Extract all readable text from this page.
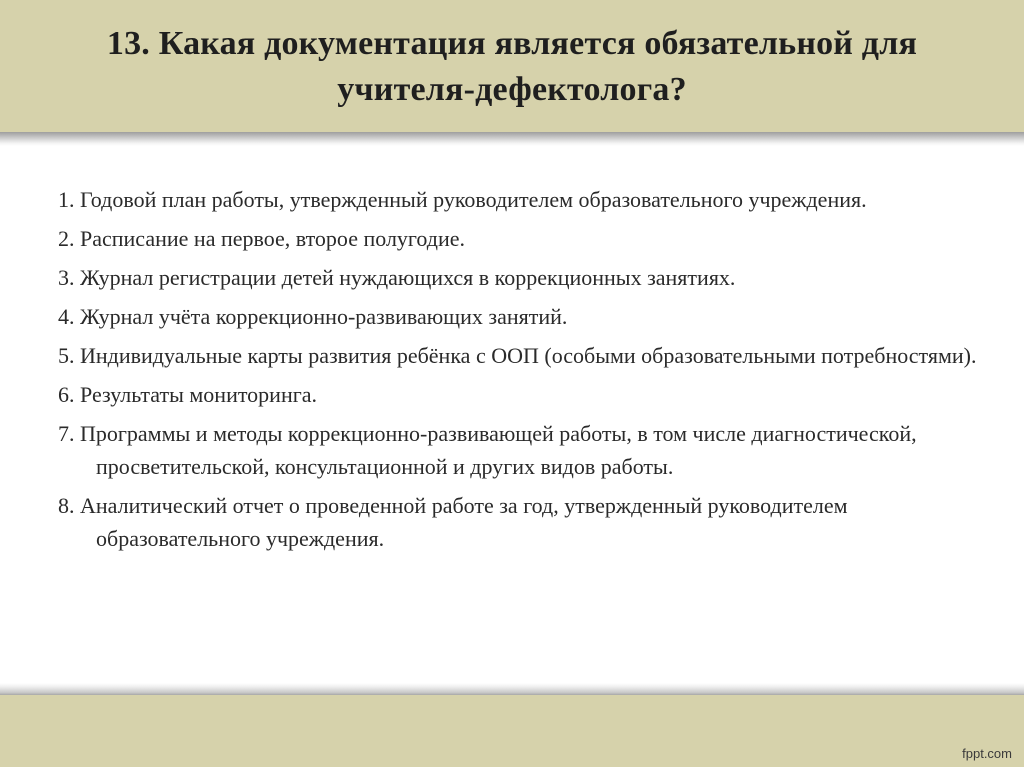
13. Какая документация является обязательной для учителя-дефектолога?
1. Годовой план работы, утвержденный руководителем образовательного учреждения.
2. Расписание на первое, второе полугодие.
3. Журнал регистрации детей нуждающихся в коррекционных занятиях.
4. Журнал учёта коррекционно-развивающих занятий.
5. Индивидуальные карты развития ребёнка с ООП (особыми образовательными потребностями).
6. Результаты мониторинга.
7. Программы и методы коррекционно-развивающей работы, в том числе диагностической, просветительской, консультационной и других видов работы.
8. Аналитический отчет о проведенной работе за год, утвержденный руководителем образовательного учреждения.
fppt.com
